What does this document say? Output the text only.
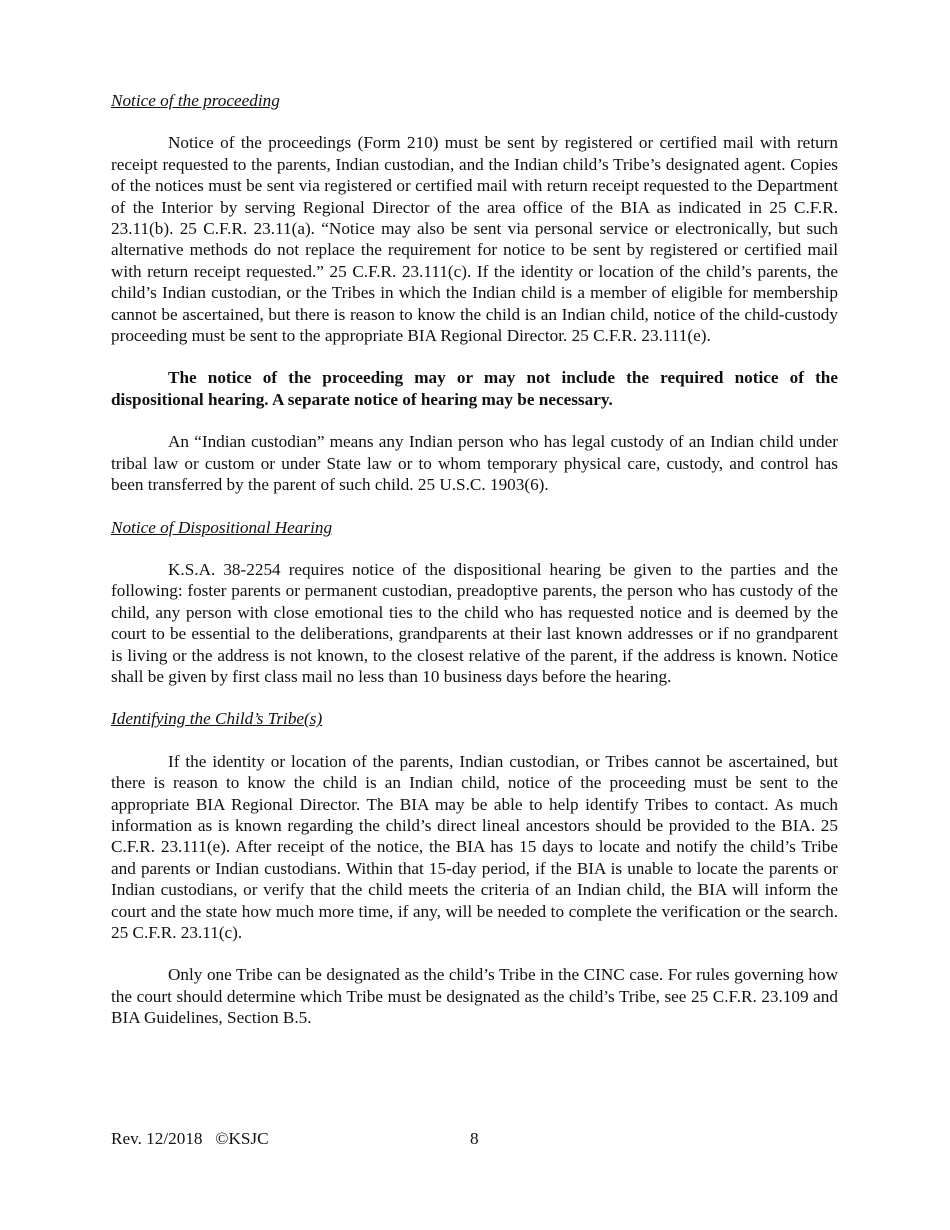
Notice of the proceeding

Notice of the proceedings (Form 210) must be sent by registered or certified mail with return receipt requested to the parents, Indian custodian, and the Indian child’s Tribe’s designated agent. Copies of the notices must be sent via registered or certified mail with return receipt requested to the Department of the Interior by serving Regional Director of the area office of the BIA as indicated in 25 C.F.R. 23.11(b). 25 C.F.R. 23.11(a). “Notice may also be sent via personal service or electronically, but such alternative methods do not replace the requirement for notice to be sent by registered or certified mail with return receipt requested.” 25 C.F.R. 23.111(c). If the identity or location of the child’s parents, the child’s Indian custodian, or the Tribes in which the Indian child is a member of eligible for membership cannot be ascertained, but there is reason to know the child is an Indian child, notice of the child-custody proceeding must be sent to the appropriate BIA Regional Director. 25 C.F.R. 23.111(e).

The notice of the proceeding may or may not include the required notice of the dispositional hearing. A separate notice of hearing may be necessary.

An “Indian custodian” means any Indian person who has legal custody of an Indian child under tribal law or custom or under State law or to whom temporary physical care, custody, and control has been transferred by the parent of such child. 25 U.S.C. 1903(6).

Notice of Dispositional Hearing

K.S.A. 38-2254 requires notice of the dispositional hearing be given to the parties and the following: foster parents or permanent custodian, preadoptive parents, the person who has custody of the child, any person with close emotional ties to the child who has requested notice and is deemed by the court to be essential to the deliberations, grandparents at their last known addresses or if no grandparent is living or the address is not known, to the closest relative of the parent, if the address is known. Notice shall be given by first class mail no less than 10 business days before the hearing.

Identifying the Child’s Tribe(s)

If the identity or location of the parents, Indian custodian, or Tribes cannot be ascertained, but there is reason to know the child is an Indian child, notice of the proceeding must be sent to the appropriate BIA Regional Director. The BIA may be able to help identify Tribes to contact. As much information as is known regarding the child’s direct lineal ancestors should be provided to the BIA. 25 C.F.R. 23.111(e). After receipt of the notice, the BIA has 15 days to locate and notify the child’s Tribe and parents or Indian custodians. Within that 15-day period, if the BIA is unable to locate the parents or Indian custodians, or verify that the child meets the criteria of an Indian child, the BIA will inform the court and the state how much more time, if any, will be needed to complete the verification or the search. 25 C.F.R. 23.11(c).

Only one Tribe can be designated as the child’s Tribe in the CINC case. For rules governing how the court should determine which Tribe must be designated as the child’s Tribe, see 25 C.F.R. 23.109 and BIA Guidelines, Section B.5.

Rev. 12/2018   ©KSJC	8
